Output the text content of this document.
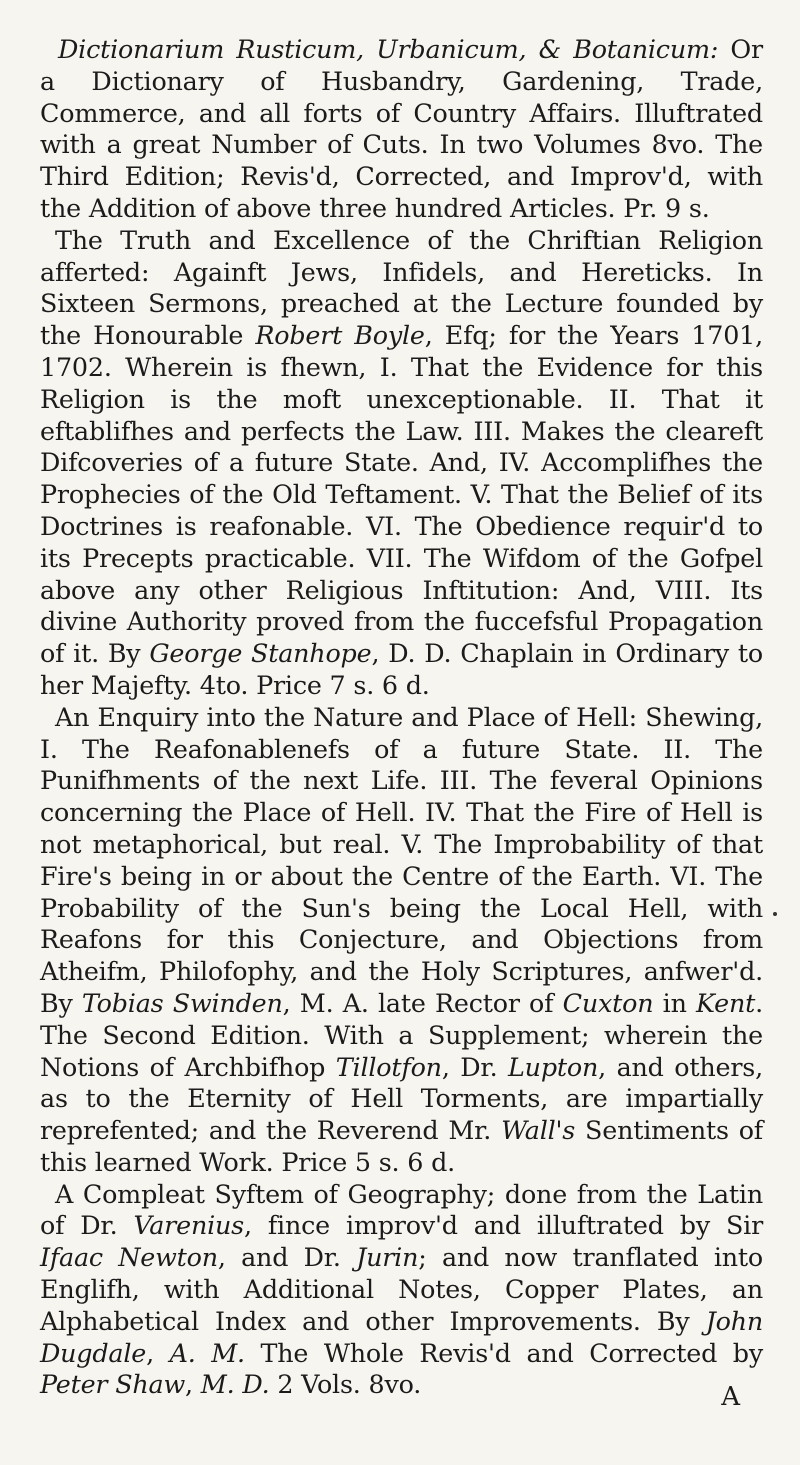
Dictionarium Rusticum, Urbanicum, & Botanicum: Or a Dictionary of Husbandry, Gardening, Trade, Commerce, and all forts of Country Affairs. Illuftrated with a great Number of Cuts. In two Volumes 8vo. The Third Edition; Revis'd, Corrected, and Improv'd, with the Addition of above three hundred Articles. Pr. 9 s.

The Truth and Excellence of the Chriftian Religion afferted: Againft Jews, Infidels, and Hereticks. In Sixteen Sermons, preached at the Lecture founded by the Honourable Robert Boyle, Efq; for the Years 1701, 1702. Wherein is fhewn, I. That the Evidence for this Religion is the moft unexceptionable. II. That it eftablifhes and perfects the Law. III. Makes the cleareft Difcoveries of a future State. And, IV. Accomplifhes the Prophecies of the Old Teftament. V. That the Belief of its Doctrines is reafonable. VI. The Obedience requir'd to its Precepts practicable. VII. The Wifdom of the Gofpel above any other Religious Inftitution: And, VIII. Its divine Authority proved from the fuccefsful Propagation of it. By George Stanhope, D. D. Chaplain in Ordinary to her Majefty. 4to. Price 7 s. 6 d.

An Enquiry into the Nature and Place of Hell: Shewing, I. The Reafonablenefs of a future State. II. The Punifhments of the next Life. III. The feveral Opinions concerning the Place of Hell. IV. That the Fire of Hell is not metaphorical, but real. V. The Improbability of that Fire's being in or about the Centre of the Earth. VI. The Probability of the Sun's being the Local Hell, with Reafons for this Conjecture, and Objections from Atheifm, Philofophy, and the Holy Scriptures, anfwer'd. By Tobias Swinden, M. A. late Rector of Cuxton in Kent. The Second Edition. With a Supplement; wherein the Notions of Archbifhop Tillotfon, Dr. Lupton, and others, as to the Eternity of Hell Torments, are impartially reprefented; and the Reverend Mr. Wall's Sentiments of this learned Work. Price 5 s. 6 d.

A Compleat Syftem of Geography; done from the Latin of Dr. Varenius, fince improv'd and illuftrated by Sir Ifaac Newton, and Dr. Jurin; and now tranflated into Englifh, with Additional Notes, Copper Plates, an Alphabetical Index and other Improvements. By John Dugdale, A. M. The Whole Revis'd and Corrected by Peter Shaw, M. D. 2 Vols. 8vo.	A
